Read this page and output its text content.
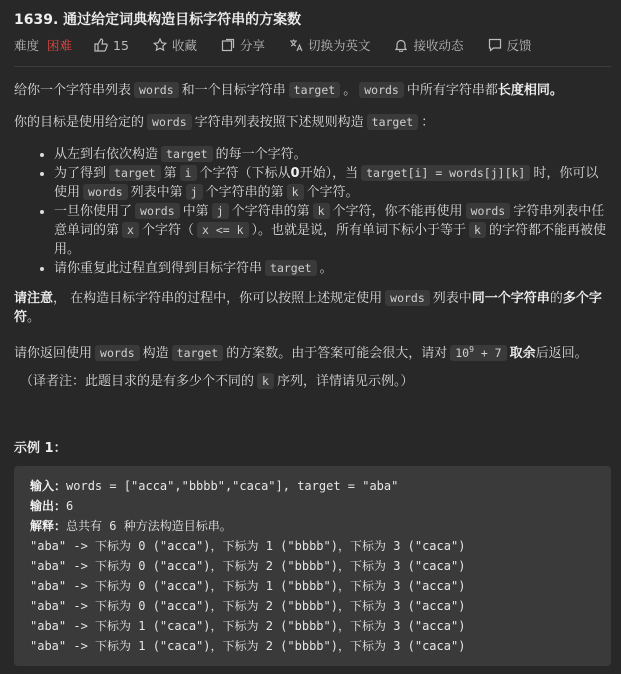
1639. 通过给定词典构造目标字符串的方案数
难度 困难	15	收藏	分享	切换为英文	接收动态	反馈
给你一个字符串列表 words 和一个目标字符串 target 。 words 中所有字符串都长度相同。
你的目标是使用给定的 words 字符串列表按照下述规则构造 target ：
• 从左到右依次构造 target 的每一个字符。
• 为了得到 target 第 i 个字符（下标从0开始），当 target[i] = words[j][k] 时，你可以使用 words 列表中第 j 个字符串的第 k 个字符。
• 一旦你使用了 words 中第 j 个字符串的第 k 个字符，你不能再使用 words 字符串列表中任意单词的第 x 个字符（ x <= k ）。也就是说，所有单词下标小于等于 k 的字符都不能再被使用。
• 请你重复此过程直到得到目标字符串 target 。
请注意， 在构造目标字符串的过程中，你可以按照上述规定使用 words 列表中同一个字符串的多个字符。
请你返回使用 words 构造 target 的方案数。由于答案可能会很大，请对 $10^9 + 7$ 取余后返回。
（译者注：此题目求的是有多少个不同的 k 序列，详情请见示例。）
示例 1：
输入：words = ["acca","bbbb","caca"], target = "aba"
输出：6
解释：总共有 6 种方法构造目标串。
"aba" -> 下标为 0 ("acca")，下标为 1 ("bbbb")，下标为 3 ("caca")
"aba" -> 下标为 0 ("acca")，下标为 2 ("bbbb")，下标为 3 ("caca")
"aba" -> 下标为 0 ("acca")，下标为 1 ("bbbb")，下标为 3 ("acca")
"aba" -> 下标为 0 ("acca")，下标为 2 ("bbbb")，下标为 3 ("acca")
"aba" -> 下标为 1 ("caca")，下标为 2 ("bbbb")，下标为 3 ("acca")
"aba" -> 下标为 1 ("caca")，下标为 2 ("bbbb")，下标为 3 ("caca")
